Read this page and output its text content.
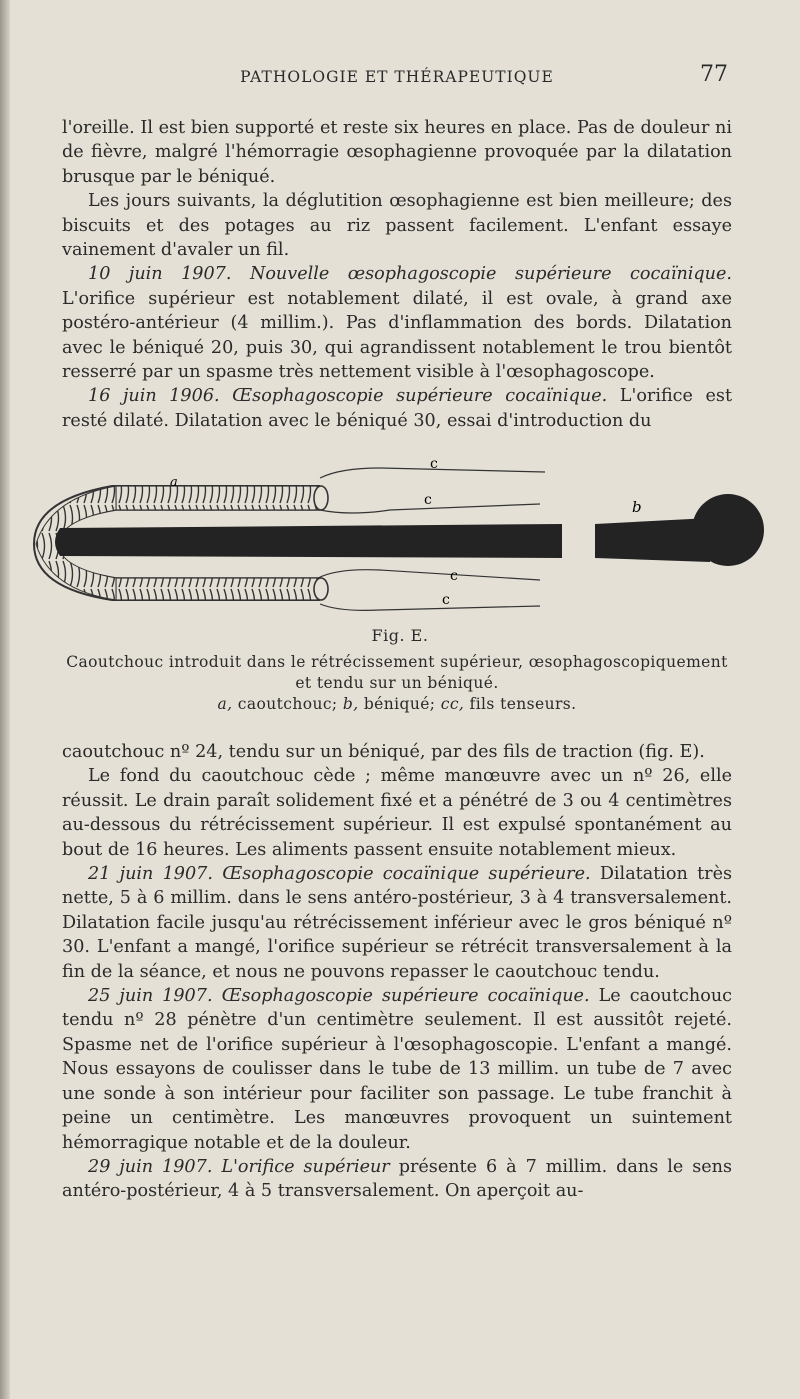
PATHOLOGIE ET THÉRAPEUTIQUE	77

l'oreille. Il est bien supporté et reste six heures en place. Pas de douleur ni de fièvre, malgré l'hémorragie œsophagienne provoquée par la dilatation brusque par le béniqué.

Les jours suivants, la déglutition œsophagienne est bien meilleure; des biscuits et des potages au riz passent facilement. L'enfant essaye vainement d'avaler un fil.

10 juin 1907. Nouvelle œsophagoscopie supérieure cocaïnique. L'orifice supérieur est notablement dilaté, il est ovale, à grand axe postéro-antérieur (4 millim.). Pas d'inflammation des bords. Dilatation avec le béniqué 20, puis 30, qui agrandissent notablement le trou bientôt resserré par un spasme très nettement visible à l'œsophagoscope.

16 juin 1906. Œsophagoscopie supérieure cocaïnique. L'orifice est resté dilaté. Dilatation avec le béniqué 30, essai d'introduction du

c
a
c	b
c
c
Fig. E.
Caoutchouc introduit dans le rétrécissement supérieur, œsophagoscopiquement et tendu sur un béniqué.
a, caoutchouc; b, béniqué; cc, fils tenseurs.

caoutchouc nº 24, tendu sur un béniqué, par des fils de traction (fig. E).

Le fond du caoutchouc cède ; même manœuvre avec un nº 26, elle réussit. Le drain paraît solidement fixé et a pénétré de 3 ou 4 centimètres au-dessous du rétrécissement supérieur. Il est expulsé spontanément au bout de 16 heures. Les aliments passent ensuite notablement mieux.

21 juin 1907. Œsophagoscopie cocaïnique supérieure. Dilatation très nette, 5 à 6 millim. dans le sens antéro-postérieur, 3 à 4 transversalement. Dilatation facile jusqu'au rétrécissement inférieur avec le gros béniqué nº 30. L'enfant a mangé, l'orifice supérieur se rétrécit transversalement à la fin de la séance, et nous ne pouvons repasser le caoutchouc tendu.

25 juin 1907. Œsophagoscopie supérieure cocaïnique. Le caoutchouc tendu nº 28 pénètre d'un centimètre seulement. Il est aussitôt rejeté. Spasme net de l'orifice supérieur à l'œsophagoscopie. L'enfant a mangé. Nous essayons de coulisser dans le tube de 13 millim. un tube de 7 avec une sonde à son intérieur pour faciliter son passage. Le tube franchit à peine un centimètre. Les manœuvres provoquent un suintement hémorragique notable et de la douleur.

29 juin 1907. L'orifice supérieur présente 6 à 7 millim. dans le sens antéro-postérieur, 4 à 5 transversalement. On aperçoit au-
